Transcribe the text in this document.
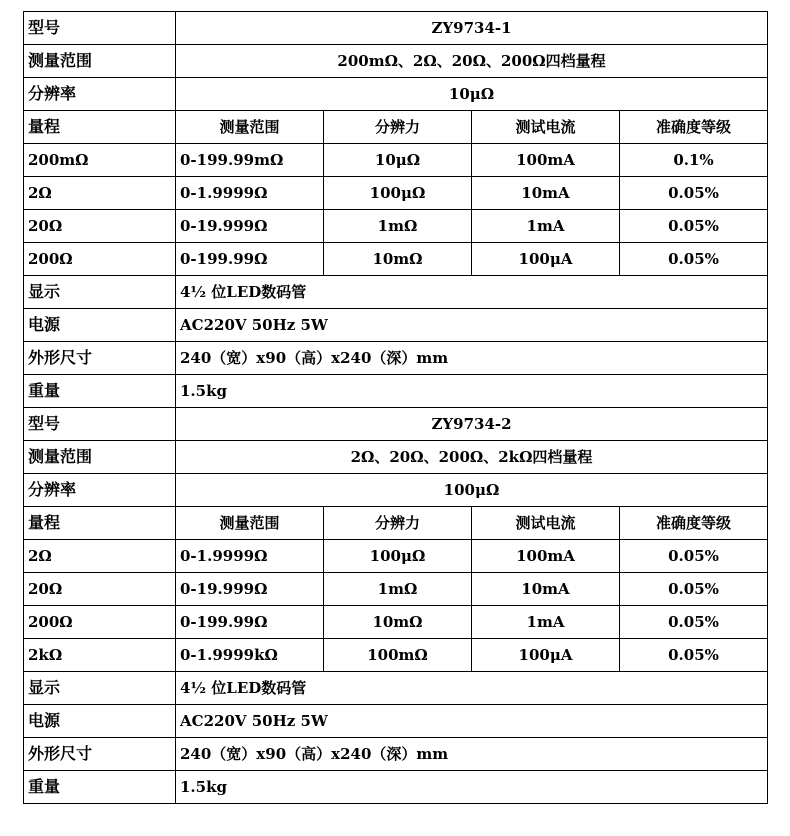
型号	ZY9734-1			
测量范围	200mΩ、2Ω、20Ω、200Ω四档量程			
分辨率	10μΩ			
量程	测量范围	分辨力	测试电流	准确度等级
200mΩ	0-199.99mΩ	10μΩ	100mA	0.1%
2Ω	0-1.9999Ω	100μΩ	10mA	0.05%
20Ω	0-19.999Ω	1mΩ	1mA	0.05%
200Ω	0-199.99Ω	10mΩ	100μA	0.05%
显示	4½ 位LED数码管			
电源	AC220V 50Hz 5W			
外形尺寸	240（宽）x90（高）x240（深）mm			
重量	1.5kg			
型号	ZY9734-2			
测量范围	2Ω、20Ω、200Ω、2kΩ四档量程			
分辨率	100μΩ			
量程	测量范围	分辨力	测试电流	准确度等级
2Ω	0-1.9999Ω	100μΩ	100mA	0.05%
20Ω	0-19.999Ω	1mΩ	10mA	0.05%
200Ω	0-199.99Ω	10mΩ	1mA	0.05%
2kΩ	0-1.9999kΩ	100mΩ	100μA	0.05%
显示	4½ 位LED数码管			
电源	AC220V 50Hz 5W			
外形尺寸	240（宽）x90（高）x240（深）mm			
重量	1.5kg			
